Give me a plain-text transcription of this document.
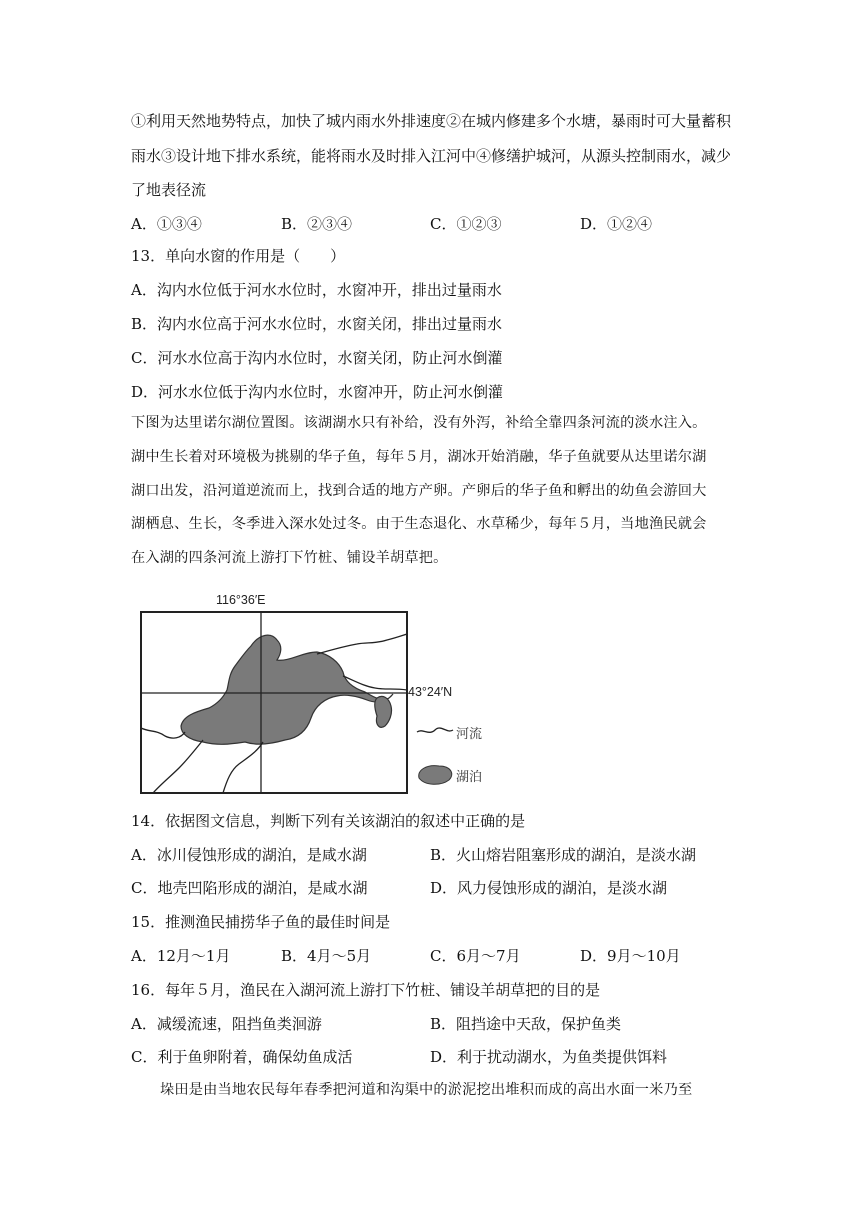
①利用天然地势特点，加快了城内雨水外排速度②在城内修建多个水塘，暴雨时可大量蓄积
雨水③设计地下排水系统，能将雨水及时排入江河中④修缮护城河，从源头控制雨水，减少
了地表径流
A．①③④	B．②③④	C．①②③	D．①②④
13．单向水窗的作用是（　　）
A．沟内水位低于河水水位时，水窗冲开，排出过量雨水
B．沟内水位高于河水水位时，水窗关闭，排出过量雨水
C．河水水位高于沟内水位时，水窗关闭，防止河水倒灌
D．河水水位低于沟内水位时，水窗冲开，防止河水倒灌
下图为达里诺尔湖位置图。该湖湖水只有补给，没有外泻，补给全靠四条河流的淡水注入。
湖中生长着对环境极为挑剔的华子鱼，每年５月，湖冰开始消融，华子鱼就要从达里诺尔湖
湖口出发，沿河道逆流而上，找到合适的地方产卵。产卵后的华子鱼和孵出的幼鱼会游回大
湖栖息、生长，冬季进入深水处过冬。由于生态退化、水草稀少，每年５月，当地渔民就会
在入湖的四条河流上游打下竹桩、铺设羊胡草把。
116°36′E
43°24′N
河流
湖泊
14．依据图文信息，判断下列有关该湖泊的叙述中正确的是
A．冰川侵蚀形成的湖泊，是咸水湖	B．火山熔岩阻塞形成的湖泊，是淡水湖
C．地壳凹陷形成的湖泊，是咸水湖	D．风力侵蚀形成的湖泊，是淡水湖
15．推测渔民捕捞华子鱼的最佳时间是
A．12月～1月	B．4月～5月	C．6月～7月	D．9月～10月
16．每年５月，渔民在入湖河流上游打下竹桩、铺设羊胡草把的目的是
A．减缓流速，阻挡鱼类洄游	B．阻挡途中天敌，保护鱼类
C．利于鱼卵附着，确保幼鱼成活	D．利于扰动湖水，为鱼类提供饵料
垛田是由当地农民每年春季把河道和沟渠中的淤泥挖出堆积而成的高出水面一米乃至
